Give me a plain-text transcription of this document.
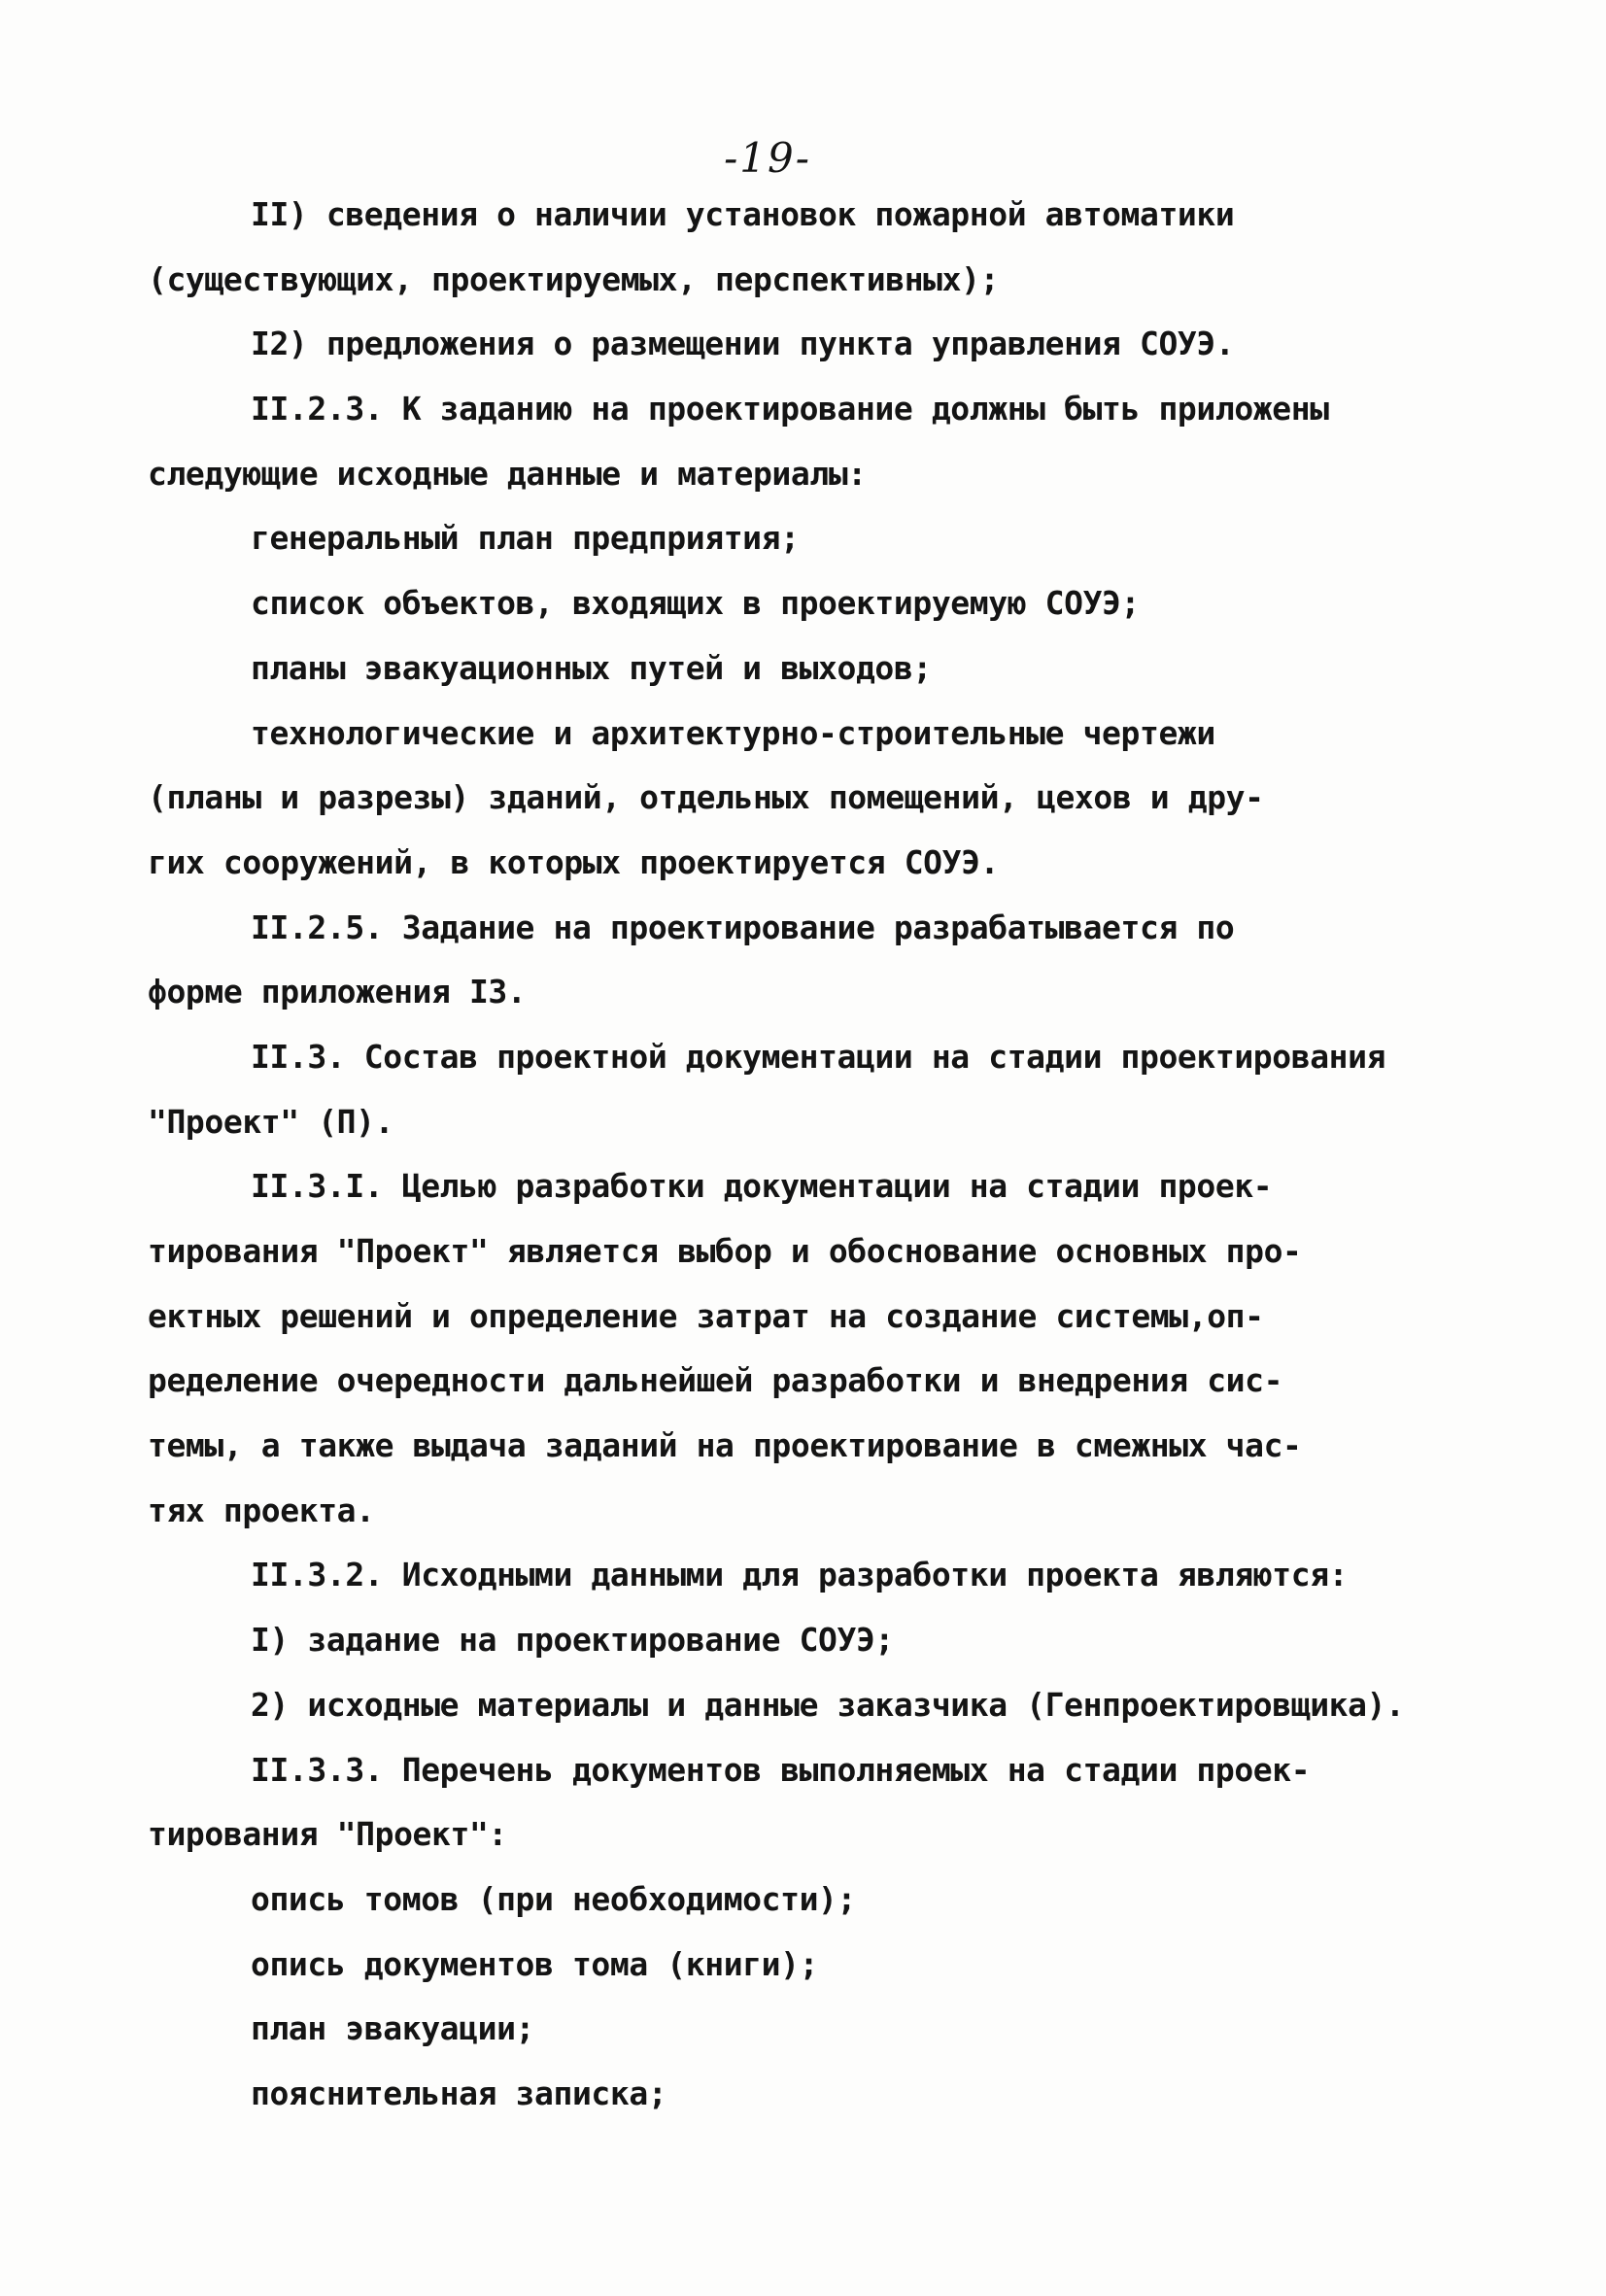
-19-
II) сведения о наличии установок пожарной автоматики
(существующих, проектируемых, перспективных);
I2) предложения о размещении пункта управления СОУЭ.
II.2.3. К заданию на проектирование должны быть приложены
следующие исходные данные и материалы:
генеральный план предприятия;
список объектов, входящих в проектируемую СОУЭ;
планы эвакуационных путей и выходов;
технологические и архитектурно-строительные чертежи
(планы и разрезы) зданий, отдельных помещений, цехов и дру-
гих сооружений, в которых проектируется СОУЭ.
II.2.5. Задание на проектирование разрабатывается по
форме приложения I3.
II.3. Состав проектной документации на стадии проектирования
"Проект" (П).
II.3.I. Целью разработки документации на стадии проек-
тирования "Проект" является выбор и обоснование основных про-
ектных решений и определение затрат на создание системы,оп-
ределение очередности дальнейшей разработки и внедрения сис-
темы, а также выдача заданий на проектирование в смежных час-
тях проекта.
II.3.2. Исходными данными для разработки проекта являются:
I) задание на проектирование СОУЭ;
2) исходные материалы и данные заказчика (Генпроектировщика).
II.3.3. Перечень документов выполняемых на стадии проек-
тирования "Проект":
опись томов (при необходимости);
опись документов тома (книги);
план эвакуации;
пояснительная записка;
